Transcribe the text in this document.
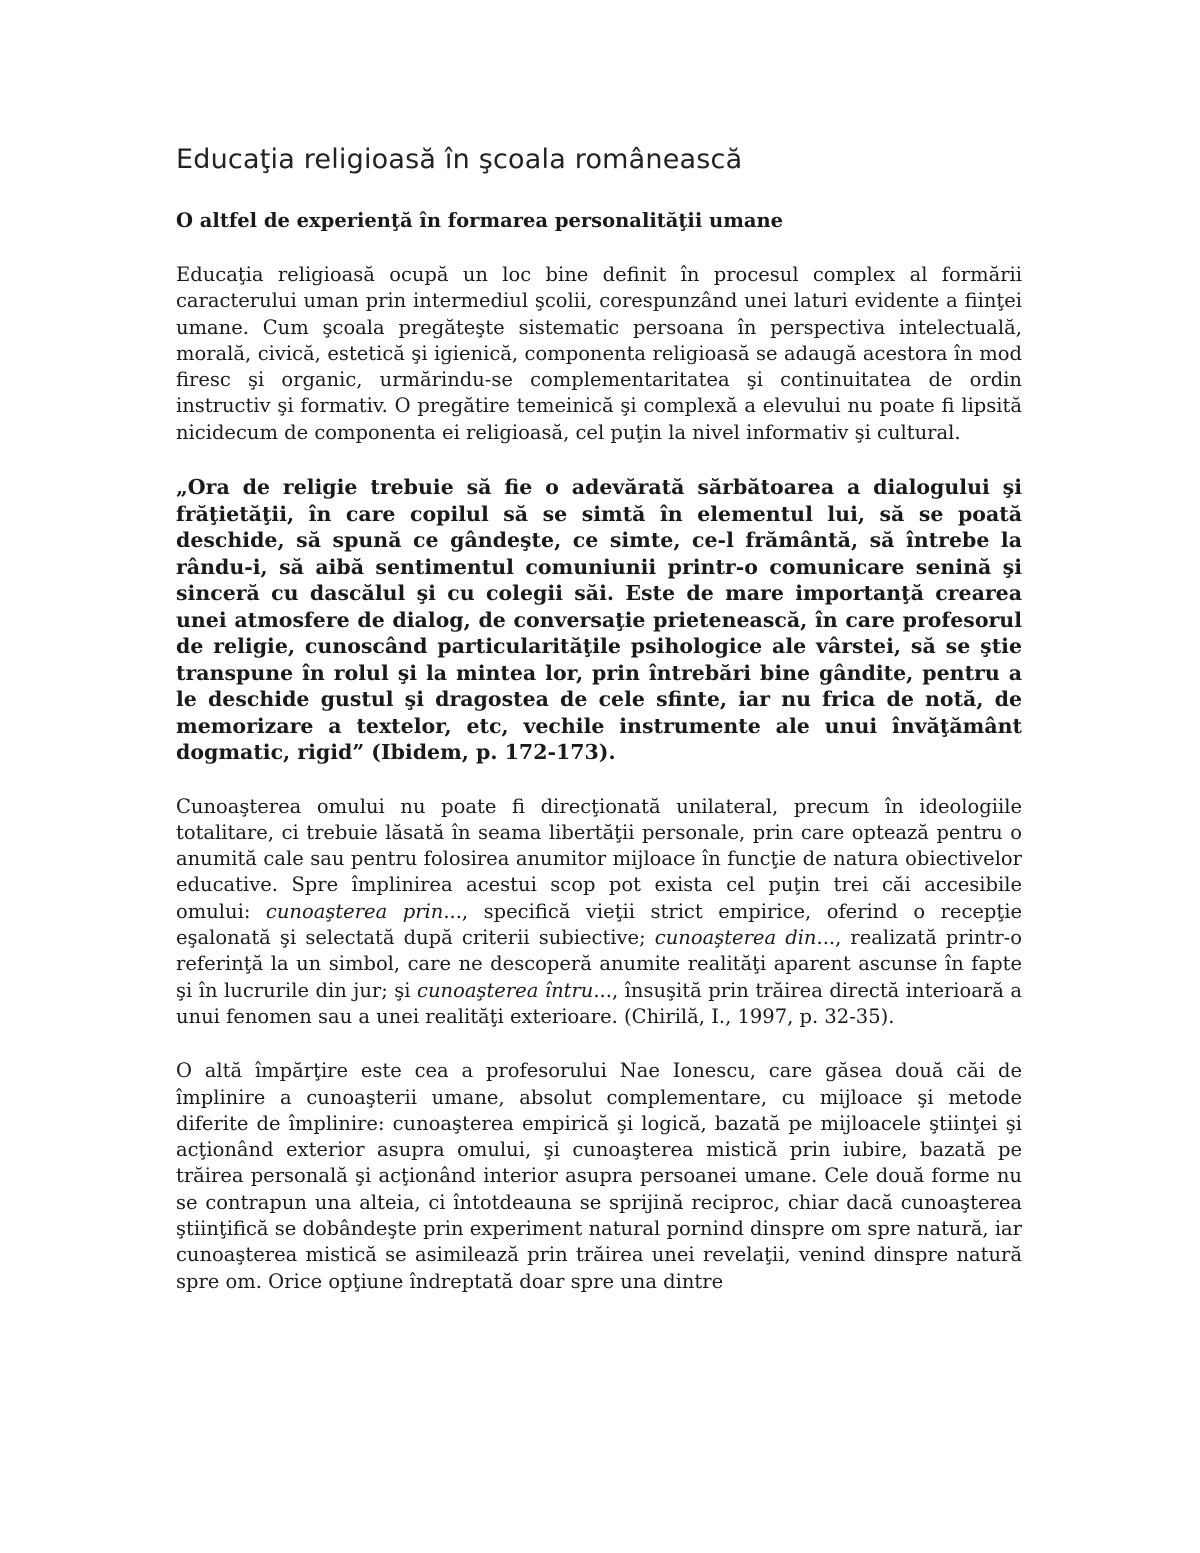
Educaţia religioasă în şcoala românească

O altfel de experienţă în formarea personalităţii umane

Educaţia religioasă ocupă un loc bine definit în procesul complex al formării caracterului uman prin intermediul şcolii, corespunzând unei laturi evidente a fiinţei umane. Cum şcoala pregăteşte sistematic persoana în perspectiva intelectuală, morală, civică, estetică şi igienică, componenta religioasă se adaugă acestora în mod firesc şi organic, urmărindu-se complementaritatea şi continuitatea de ordin instructiv şi formativ. O pregătire temeinică şi complexă a elevului nu poate fi lipsită nicidecum de componenta ei religioasă, cel puţin la nivel informativ şi cultural.

„Ora de religie trebuie să fie o adevărată sărbătoarea a dialogului şi frăţietăţii, în care copilul să se simtă în elementul lui, să se poată deschide, să spună ce gândeşte, ce simte, ce-l frământă, să întrebe la rându-i, să aibă sentimentul comuniunii printr-o comunicare senină şi sinceră cu dascălul şi cu colegii săi. Este de mare importanţă crearea unei atmosfere de dialog, de conversaţie prietenească, în care profesorul de religie, cunoscând particularităţile psihologice ale vârstei, să se ştie transpune în rolul şi la mintea lor, prin întrebări bine gândite, pentru a le deschide gustul şi dragostea de cele sfinte, iar nu frica de notă, de memorizare a textelor, etc, vechile instrumente ale unui învăţământ dogmatic, rigid” (Ibidem, p. 172-173).

Cunoaşterea omului nu poate fi direcţionată unilateral, precum în ideologiile totalitare, ci trebuie lăsată în seama libertăţii personale, prin care optează pentru o anumită cale sau pentru folosirea anumitor mijloace în funcţie de natura obiectivelor educative. Spre împlinirea acestui scop pot exista cel puţin trei căi accesibile omului: cunoaşterea prin..., specifică vieţii strict empirice, oferind o recepţie eşalonată şi selectată după criterii subiective; cunoaşterea din..., realizată printr-o referinţă la un simbol, care ne descoperă anumite realităţi aparent ascunse în fapte şi în lucrurile din jur; şi cunoaşterea întru..., însuşită prin trăirea directă interioară a unui fenomen sau a unei realităţi exterioare. (Chirilă, I., 1997, p. 32-35).

O altă împărţire este cea a profesorului Nae Ionescu, care găsea două căi de împlinire a cunoaşterii umane, absolut complementare, cu mijloace şi metode diferite de împlinire: cunoaşterea empirică şi logică, bazată pe mijloacele ştiinţei şi acţionând exterior asupra omului, şi cunoaşterea mistică prin iubire, bazată pe trăirea personală şi acţionând interior asupra persoanei umane. Cele două forme nu se contrapun una alteia, ci întotdeauna se sprijină reciproc, chiar dacă cunoaşterea ştiinţifică se dobândeşte prin experiment natural pornind dinspre om spre natură, iar cunoaşterea mistică se asimilează prin trăirea unei revelaţii, venind dinspre natură spre om. Orice opţiune îndreptată doar spre una dintre
